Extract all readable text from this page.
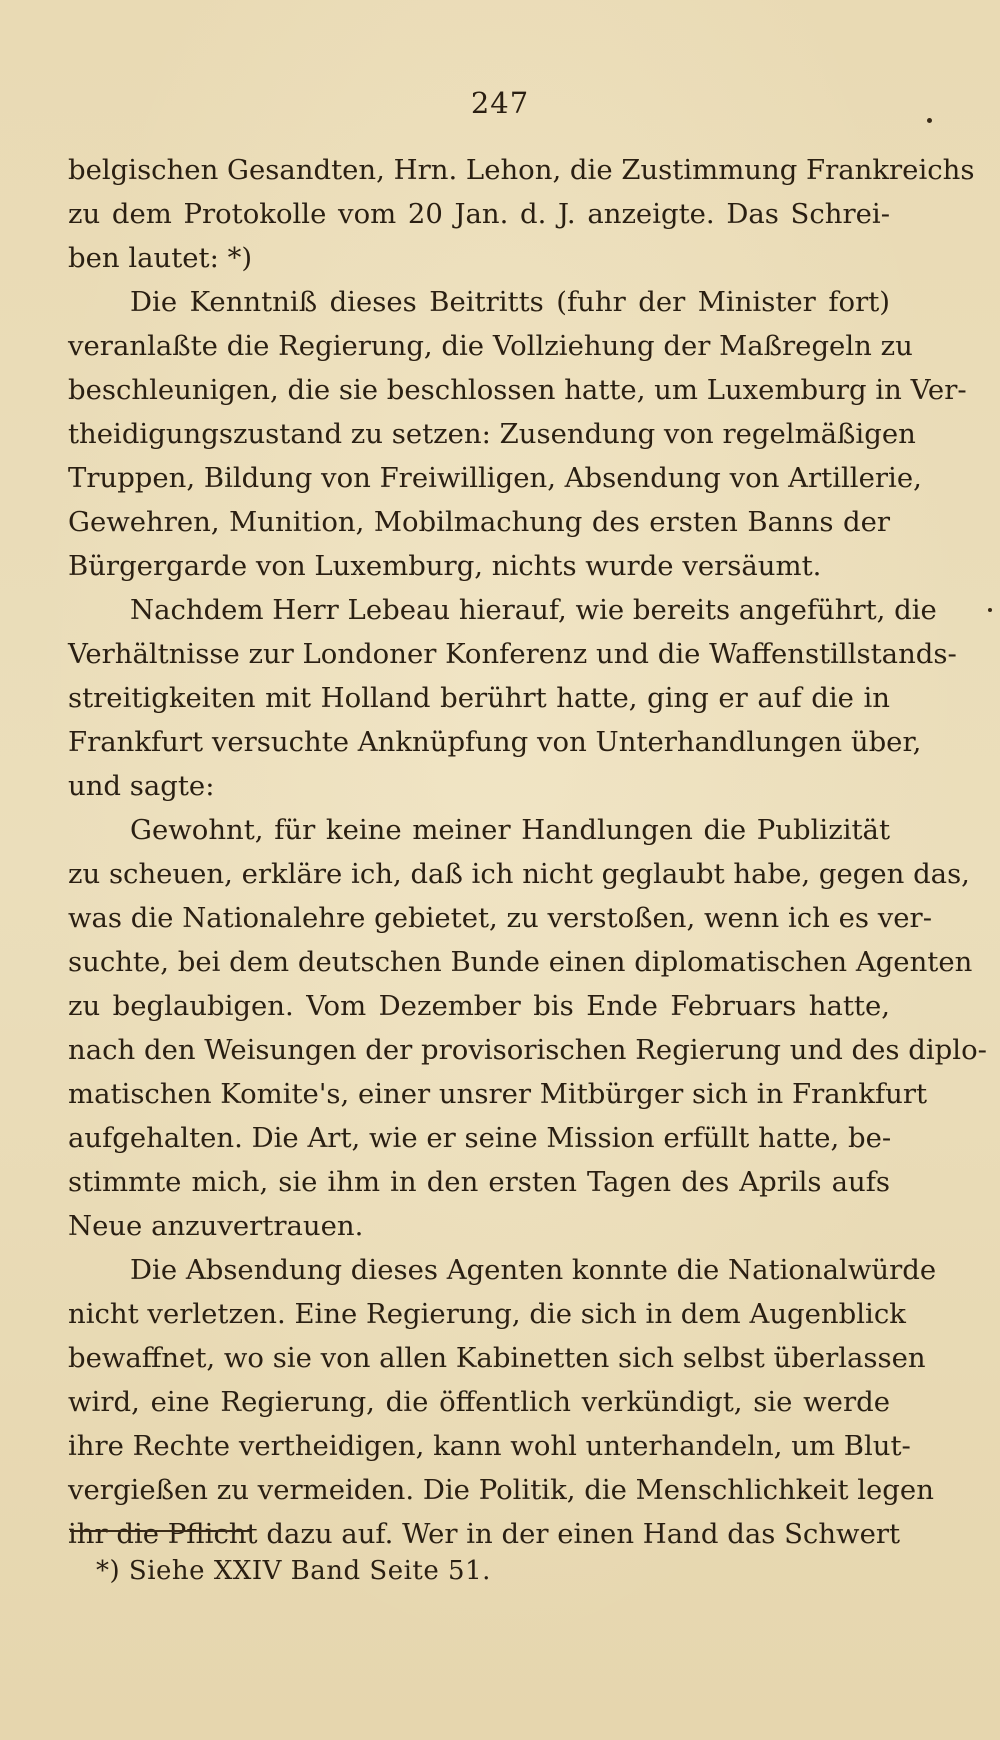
247
belgischen Gesandten, Hrn. Lehon, die Zustimmung Frankreichs
zu dem Protokolle vom 20 Jan. d. J. anzeigte. Das Schrei-
ben lautet: *)
Die Kenntniß dieses Beitritts (fuhr der Minister fort)
veranlaßte die Regierung, die Vollziehung der Maßregeln zu
beschleunigen, die sie beschlossen hatte, um Luxemburg in Ver-
theidigungszustand zu setzen: Zusendung von regelmäßigen
Truppen, Bildung von Freiwilligen, Absendung von Artillerie,
Gewehren, Munition, Mobilmachung des ersten Banns der
Bürgergarde von Luxemburg, nichts wurde versäumt.
Nachdem Herr Lebeau hierauf, wie bereits angeführt, die
Verhältnisse zur Londoner Konferenz und die Waffenstillstands-
streitigkeiten mit Holland berührt hatte, ging er auf die in
Frankfurt versuchte Anknüpfung von Unterhandlungen über,
und sagte:
Gewohnt, für keine meiner Handlungen die Publizität
zu scheuen, erkläre ich, daß ich nicht geglaubt habe, gegen das,
was die Nationalehre gebietet, zu verstoßen, wenn ich es ver-
suchte, bei dem deutschen Bunde einen diplomatischen Agenten
zu beglaubigen. Vom Dezember bis Ende Februars hatte,
nach den Weisungen der provisorischen Regierung und des diplo-
matischen Komite's, einer unsrer Mitbürger sich in Frankfurt
aufgehalten. Die Art, wie er seine Mission erfüllt hatte, be-
stimmte mich, sie ihm in den ersten Tagen des Aprils aufs
Neue anzuvertrauen.
Die Absendung dieses Agenten konnte die Nationalwürde
nicht verletzen. Eine Regierung, die sich in dem Augenblick
bewaffnet, wo sie von allen Kabinetten sich selbst überlassen
wird, eine Regierung, die öffentlich verkündigt, sie werde
ihre Rechte vertheidigen, kann wohl unterhandeln, um Blut-
vergießen zu vermeiden. Die Politik, die Menschlichkeit legen
ihr die Pflicht dazu auf. Wer in der einen Hand das Schwert
*) Siehe XXIV Band Seite 51.
